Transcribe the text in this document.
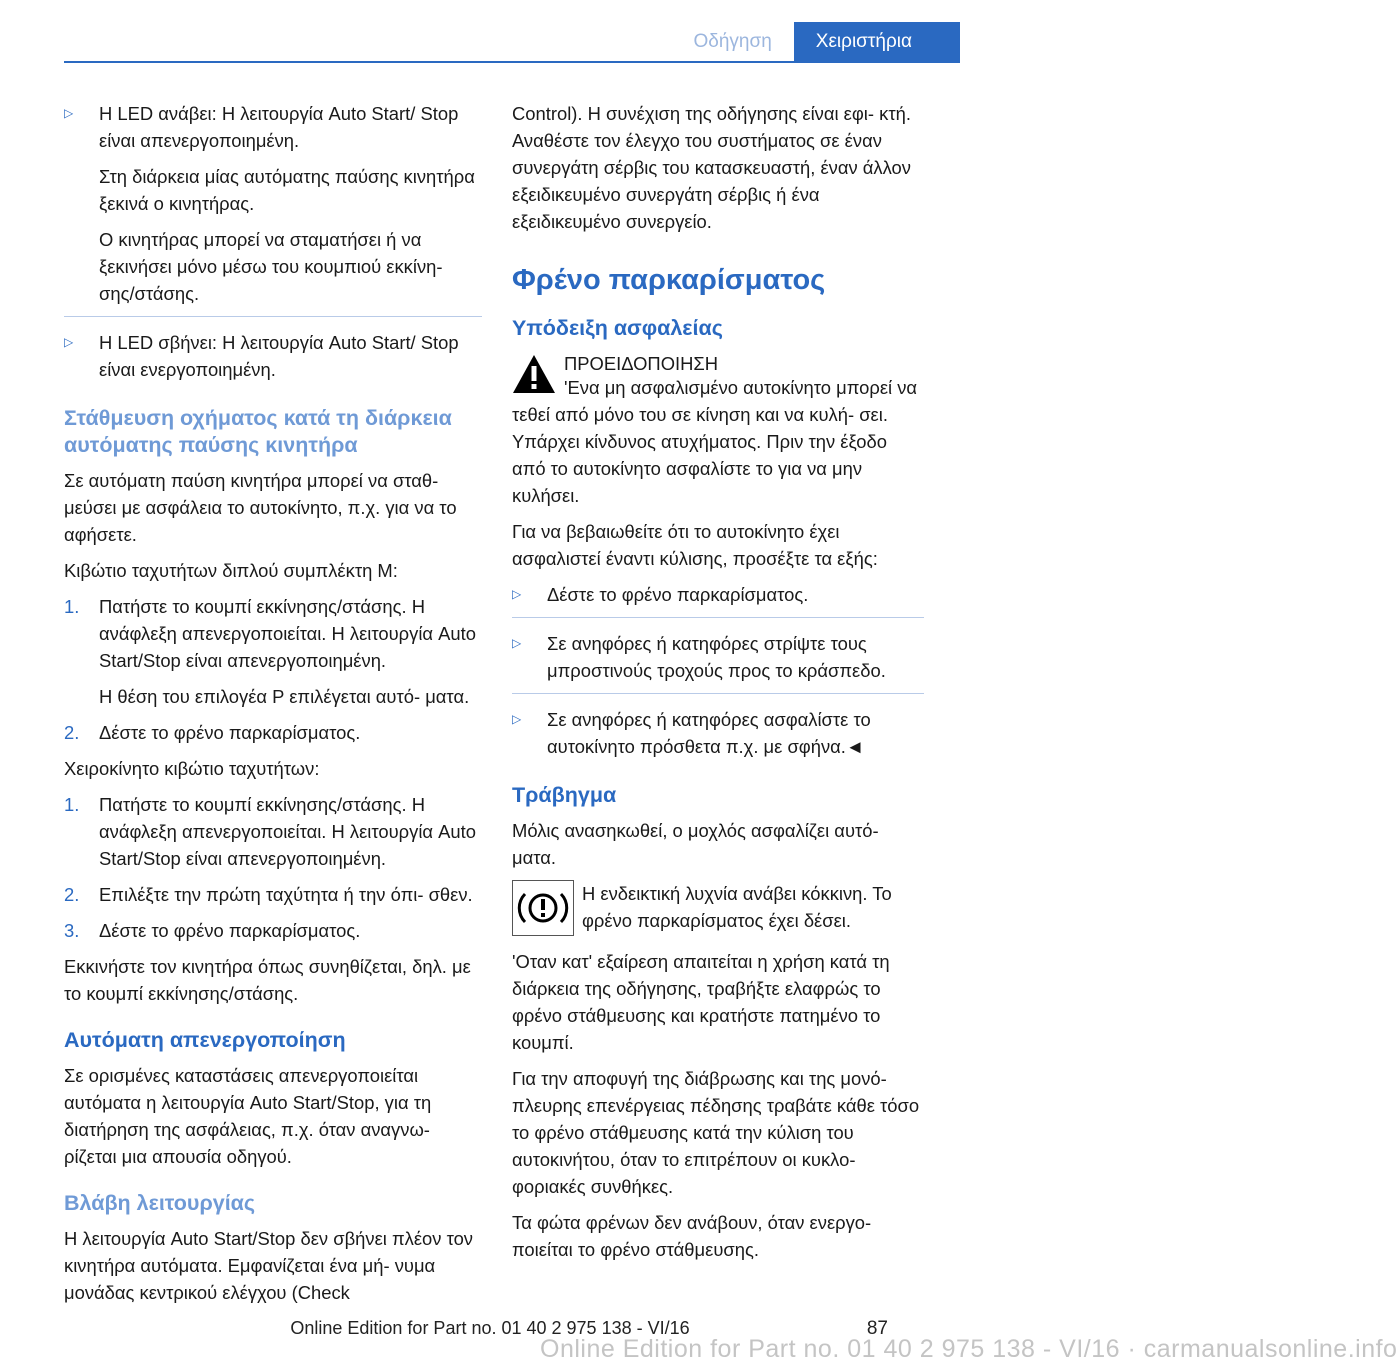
Οδήγηση	Χειριστήρια
▷	H LED ανάβει: Η λειτουργία Auto Start/ Stop είναι απενεργοποιημένη.

Στη διάρκεια μίας αυτόματης παύσης κινητήρα ξεκινά ο κινητήρας.

Ο κινητήρας μπορεί να σταματήσει ή να ξεκινήσει μόνο μέσω του κουμπιού εκκίνη‐ σης/στάσης.

▷	H LED σβήνει: Η λειτουργία Auto Start/ Stop είναι ενεργοποιημένη.

Στάθμευση οχήματος κατά τη διάρκεια αυτόματης παύσης κινητήρα

Σε αυτόματη παύση κινητήρα μπορεί να σταθ‐ μεύσει με ασφάλεια το αυτοκίνητο, π.χ. για να το αφήσετε.

Κιβώτιο ταχυτήτων διπλού συμπλέκτη M:

1.	Πατήστε το κουμπί εκκίνησης/στάσης. Η ανάφλεξη απενεργοποιείται. Η λειτουργία Auto Start/Stop είναι απενεργοποιημένη.

Η θέση του επιλογέα P επιλέγεται αυτό‐ ματα.

2.	Δέστε το φρένο παρκαρίσματος.

Χειροκίνητο κιβώτιο ταχυτήτων:

1.	Πατήστε το κουμπί εκκίνησης/στάσης. Η ανάφλεξη απενεργοποιείται. Η λειτουργία Auto Start/Stop είναι απενεργοποιημένη.

2.	Επιλέξτε την πρώτη ταχύτητα ή την όπι‐ σθεν.

3.	Δέστε το φρένο παρκαρίσματος.

Εκκινήστε τον κινητήρα όπως συνηθίζεται, δηλ. με το κουμπί εκκίνησης/στάσης.

Αυτόματη απενεργοποίηση

Σε ορισμένες καταστάσεις απενεργοποιείται αυτόματα η λειτουργία Auto Start/Stop, για τη διατήρηση της ασφάλειας, π.χ. όταν αναγνω‐ ρίζεται μια απουσία οδηγού.

Βλάβη λειτουργίας

Η λειτουργία Auto Start/Stop δεν σβήνει πλέον τον κινητήρα αυτόματα. Εμφανίζεται ένα μή‐ νυμα μονάδας κεντρικού ελέγχου (Check

Control). Η συνέχιση της οδήγησης είναι εφι‐ κτή. Αναθέστε τον έλεγχο του συστήματος σε έναν συνεργάτη σέρβις του κατασκευαστή, έναν άλλον εξειδικευμένο συνεργάτη σέρβις ή ένα εξειδικευμένο συνεργείο.

Φρένο παρκαρίσματος
Υπόδειξη ασφαλείας
ΠΡΟΕΙΔΟΠΟΙΗΣΗ

'Ενα μη ασφαλισμένο αυτοκίνητο μπορεί να τεθεί από μόνο του σε κίνηση και να κυλή‐ σει. Υπάρχει κίνδυνος ατυχήματος. Πριν την έξοδο από το αυτοκίνητο ασφαλίστε το για να μην κυλήσει.

Για να βεβαιωθείτε ότι το αυτοκίνητο έχει ασφαλιστεί έναντι κύλισης, προσέξτε τα εξής:

▷	Δέστε το φρένο παρκαρίσματος.

▷	Σε ανηφόρες ή κατηφόρες στρίψτε τους μπροστινούς τροχούς προς το κράσπεδο.

▷	Σε ανηφόρες ή κατηφόρες ασφαλίστε το αυτοκίνητο πρόσθετα π.χ. με σφήνα.◄

Τράβηγμα

Μόλις ανασηκωθεί, ο μοχλός ασφαλίζει αυτό‐ ματα.

Η ενδεικτική λυχνία ανάβει κόκκινη. Το φρένο παρκαρίσματος έχει δέσει.

'Οταν κατ' εξαίρεση απαιτείται η χρήση κατά τη διάρκεια της οδήγησης, τραβήξτε ελαφρώς το φρένο στάθμευσης και κρατήστε πατημένο το κουμπί.

Για την αποφυγή της διάβρωσης και της μονό‐ πλευρης επενέργειας πέδησης τραβάτε κάθε τόσο το φρένο στάθμευσης κατά την κύλιση του αυτοκινήτου, όταν το επιτρέπουν οι κυκλο‐ φοριακές συνθήκες.

Τα φώτα φρένων δεν ανάβουν, όταν ενεργο‐ ποιείται το φρένο στάθμευσης.

Online Edition for Part no. 01 40 2 975 138 - VI/16	87
Online Edition for Part no. 01 40 2 975 138 - VI/16 · carmanualsonline.info
